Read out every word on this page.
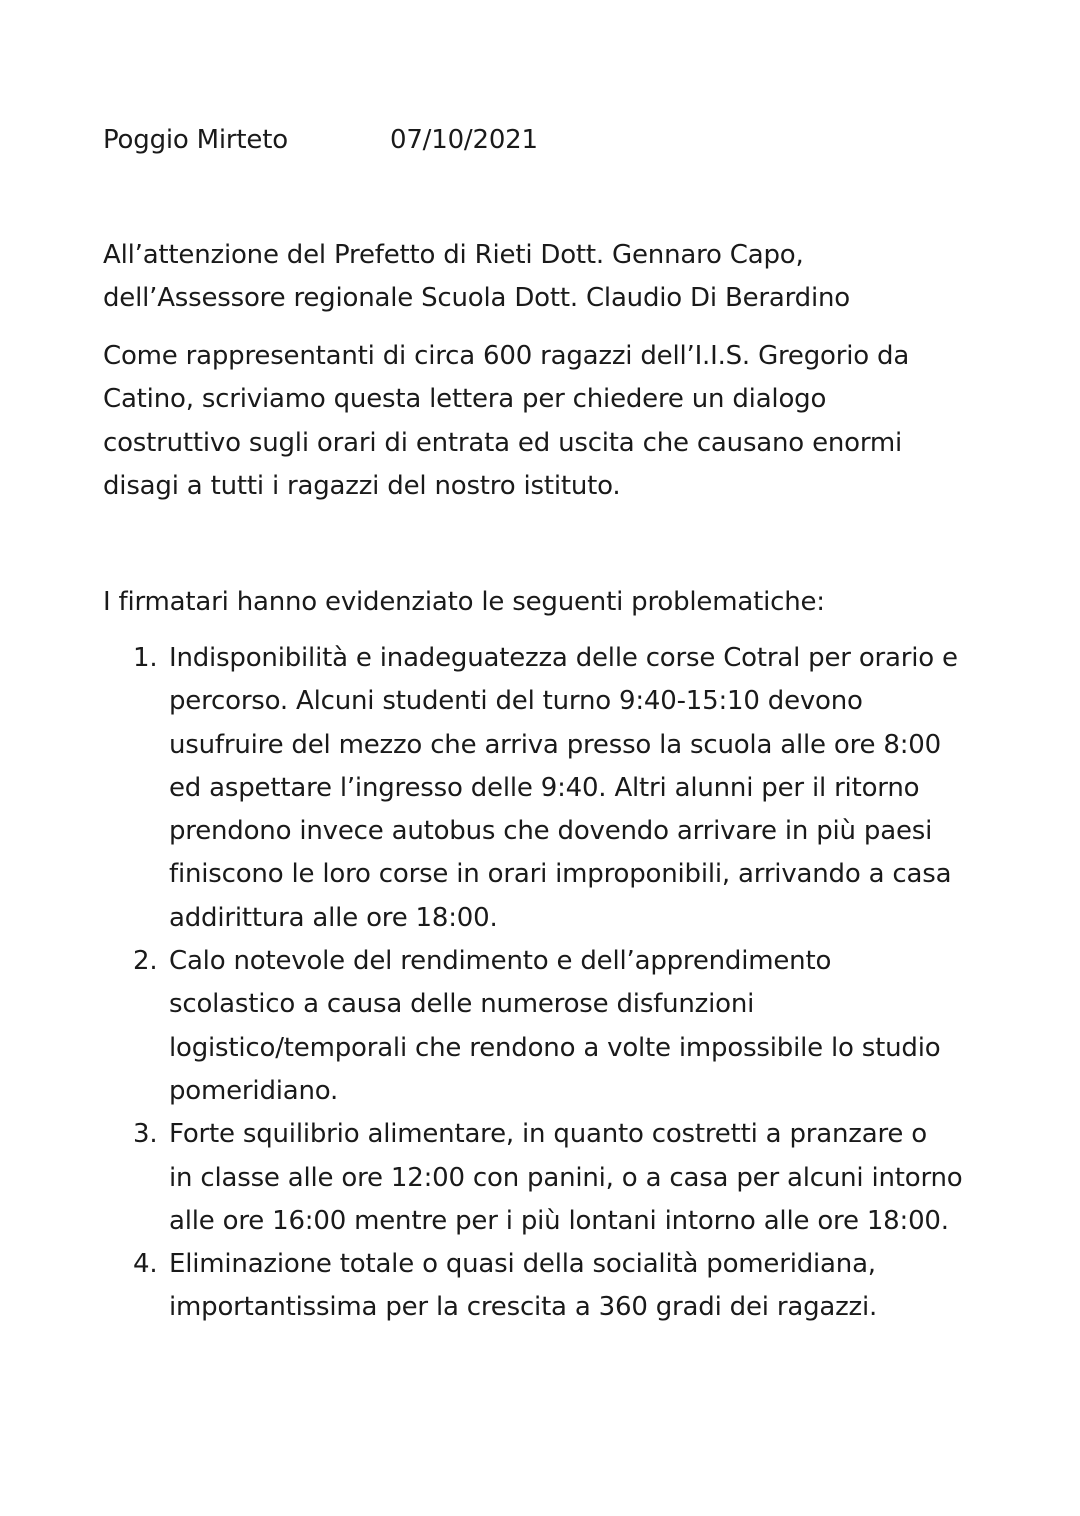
Poggio Mirteto	07/10/2021
All’attenzione del Prefetto di Rieti Dott. Gennaro Capo,
dell’Assessore regionale Scuola Dott. Claudio Di Berardino
Come rappresentanti di circa 600 ragazzi dell’I.I.S. Gregorio da
Catino, scriviamo questa lettera per chiedere un dialogo
costruttivo sugli orari di entrata ed uscita che causano enormi
disagi a tutti i ragazzi del nostro istituto.
I firmatari hanno evidenziato le seguenti problematiche:
1. Indisponibilità e inadeguatezza delle corse Cotral per orario e
percorso. Alcuni studenti del turno 9:40-15:10 devono
usufruire del mezzo che arriva presso la scuola alle ore 8:00
ed aspettare l’ingresso delle 9:40. Altri alunni per il ritorno
prendono invece autobus che dovendo arrivare in più paesi
finiscono le loro corse in orari improponibili, arrivando a casa
addirittura alle ore 18:00.
2. Calo notevole del rendimento e dell’apprendimento
scolastico a causa delle numerose disfunzioni
logistico/temporali che rendono a volte impossibile lo studio
pomeridiano.
3. Forte squilibrio alimentare, in quanto costretti a pranzare o
in classe alle ore 12:00 con panini, o a casa per alcuni intorno
alle ore 16:00 mentre per i più lontani intorno alle ore 18:00.
4. Eliminazione totale o quasi della socialità pomeridiana,
importantissima per la crescita a 360 gradi dei ragazzi.
